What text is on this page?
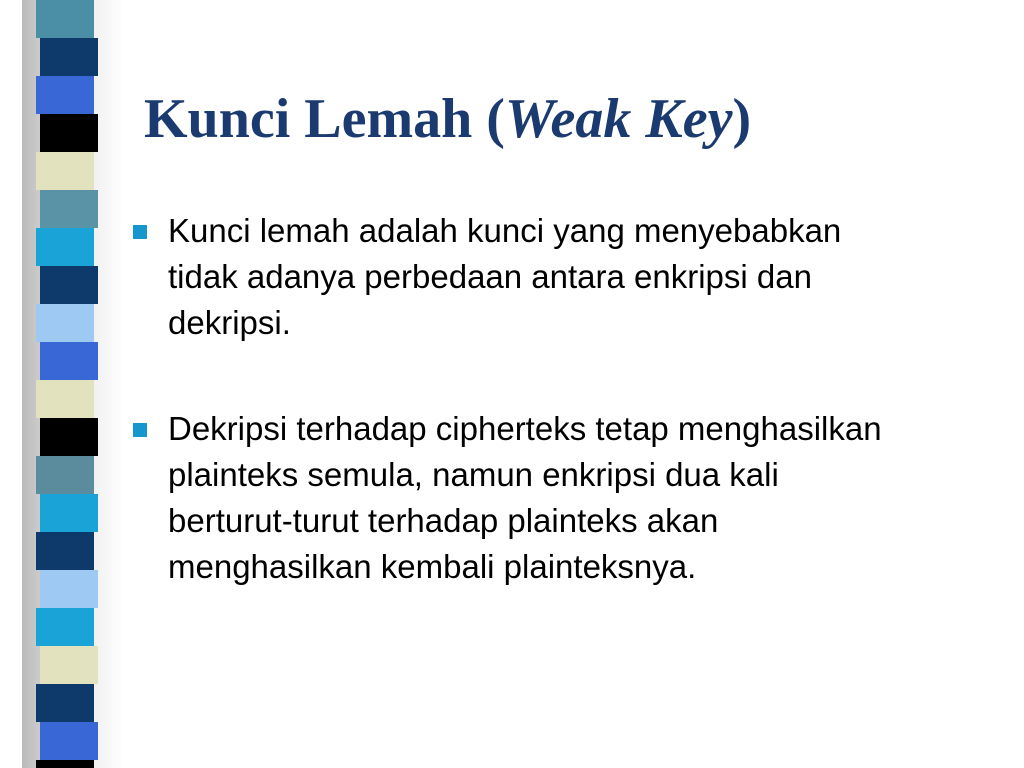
Kunci Lemah (Weak Key)
Kunci lemah adalah kunci yang menyebabkan tidak adanya perbedaan antara enkripsi dan dekripsi.
Dekripsi terhadap cipherteks tetap menghasilkan plainteks semula, namun enkripsi dua kali berturut-turut terhadap plainteks akan menghasilkan kembali plainteksnya.
